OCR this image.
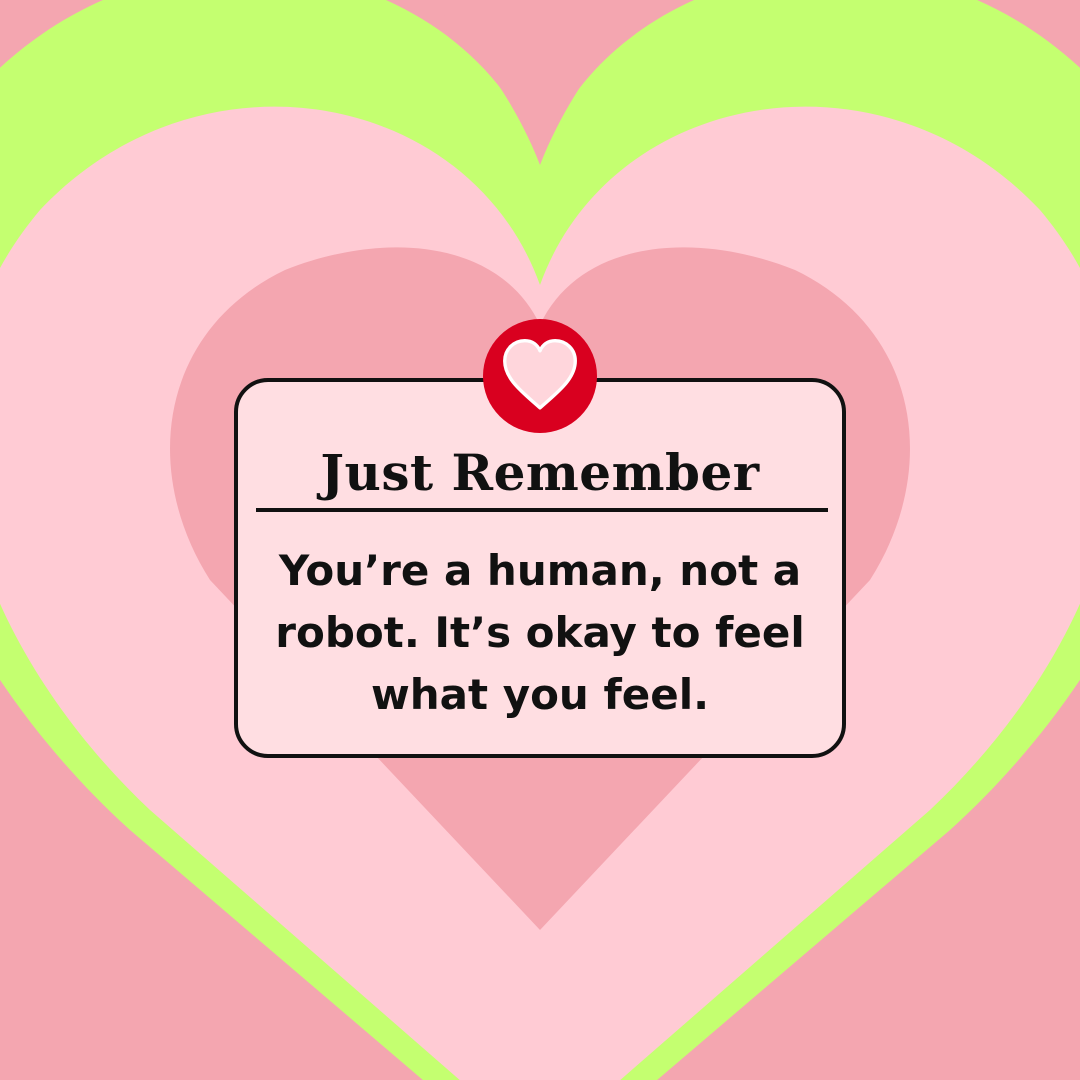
Just Remember
You’re a human, not a robot. It’s okay to feel what you feel.
